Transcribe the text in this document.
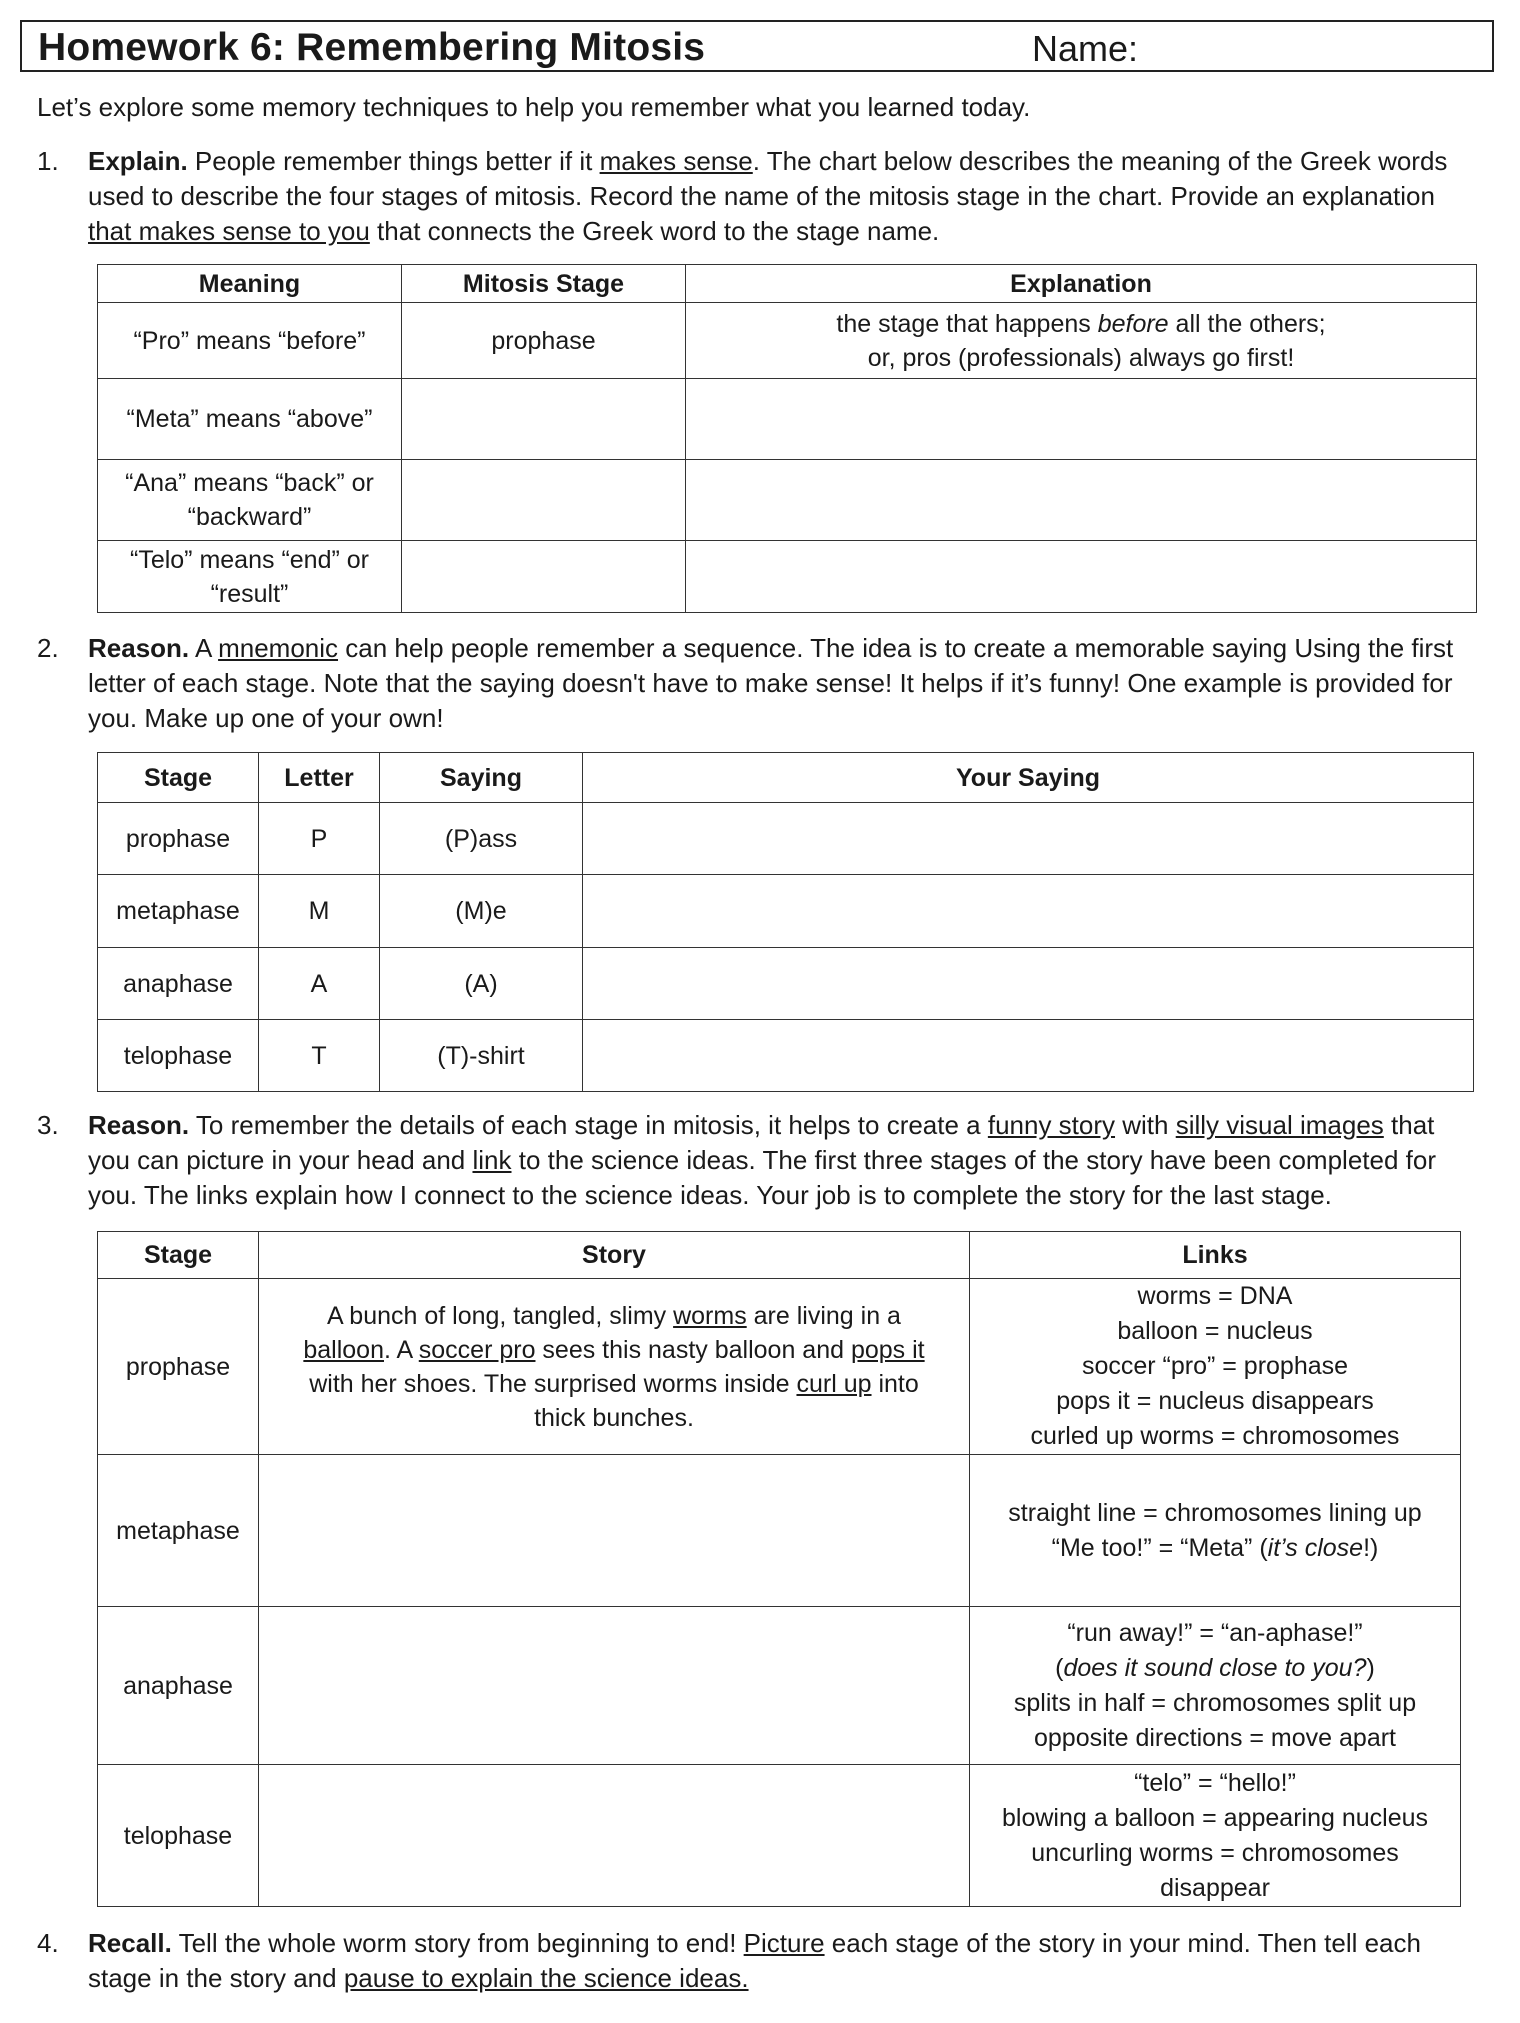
Homework 6: Remembering Mitosis	Name:
Let’s explore some memory techniques to help you remember what you learned today.
1.	Explain. People remember things better if it makes sense. The chart below describes the meaning of the Greek words used to describe the four stages of mitosis. Record the name of the mitosis stage in the chart. Provide an explanation that makes sense to you that connects the Greek word to the stage name.
Meaning	Mitosis Stage	Explanation
“Pro” means “before”	prophase	the stage that happens before all the others;
or, pros (professionals) always go first!
“Meta” means “above”		
“Ana” means “back” or “backward”		
“Telo” means “end” or “result”		
2.	Reason. A mnemonic can help people remember a sequence. The idea is to create a memorable saying Using the first letter of each stage. Note that the saying doesn't have to make sense! It helps if it’s funny! One example is provided for you. Make up one of your own!
Stage	Letter	Saying	Your Saying
prophase	P	(P)ass	
metaphase	M	(M)e	
anaphase	A	(A)	
telophase	T	(T)-shirt	
3.	Reason. To remember the details of each stage in mitosis, it helps to create a funny story with silly visual images that you can picture in your head and link to the science ideas. The first three stages of the story have been completed for you. The links explain how I connect to the science ideas. Your job is to complete the story for the last stage.
Stage	Story	Links
prophase	A bunch of long, tangled, slimy worms are living in a balloon. A soccer pro sees this nasty balloon and pops it with her shoes. The surprised worms inside curl up into thick bunches.	worms = DNA
balloon = nucleus
soccer “pro” = prophase
pops it = nucleus disappears
curled up worms = chromosomes

metaphase		straight line = chromosomes lining up
“Me too!” = “Meta” (it’s close!)

anaphase		“run away!” = “an-aphase!”
(does it sound close to you?)
splits in half = chromosomes split up
opposite directions = move apart

telophase		“telo” = “hello!”
blowing a balloon = appearing nucleus
uncurling worms = chromosomes disappear
4.	Recall. Tell the whole worm story from beginning to end! Picture each stage of the story in your mind. Then tell each stage in the story and pause to explain the science ideas.
